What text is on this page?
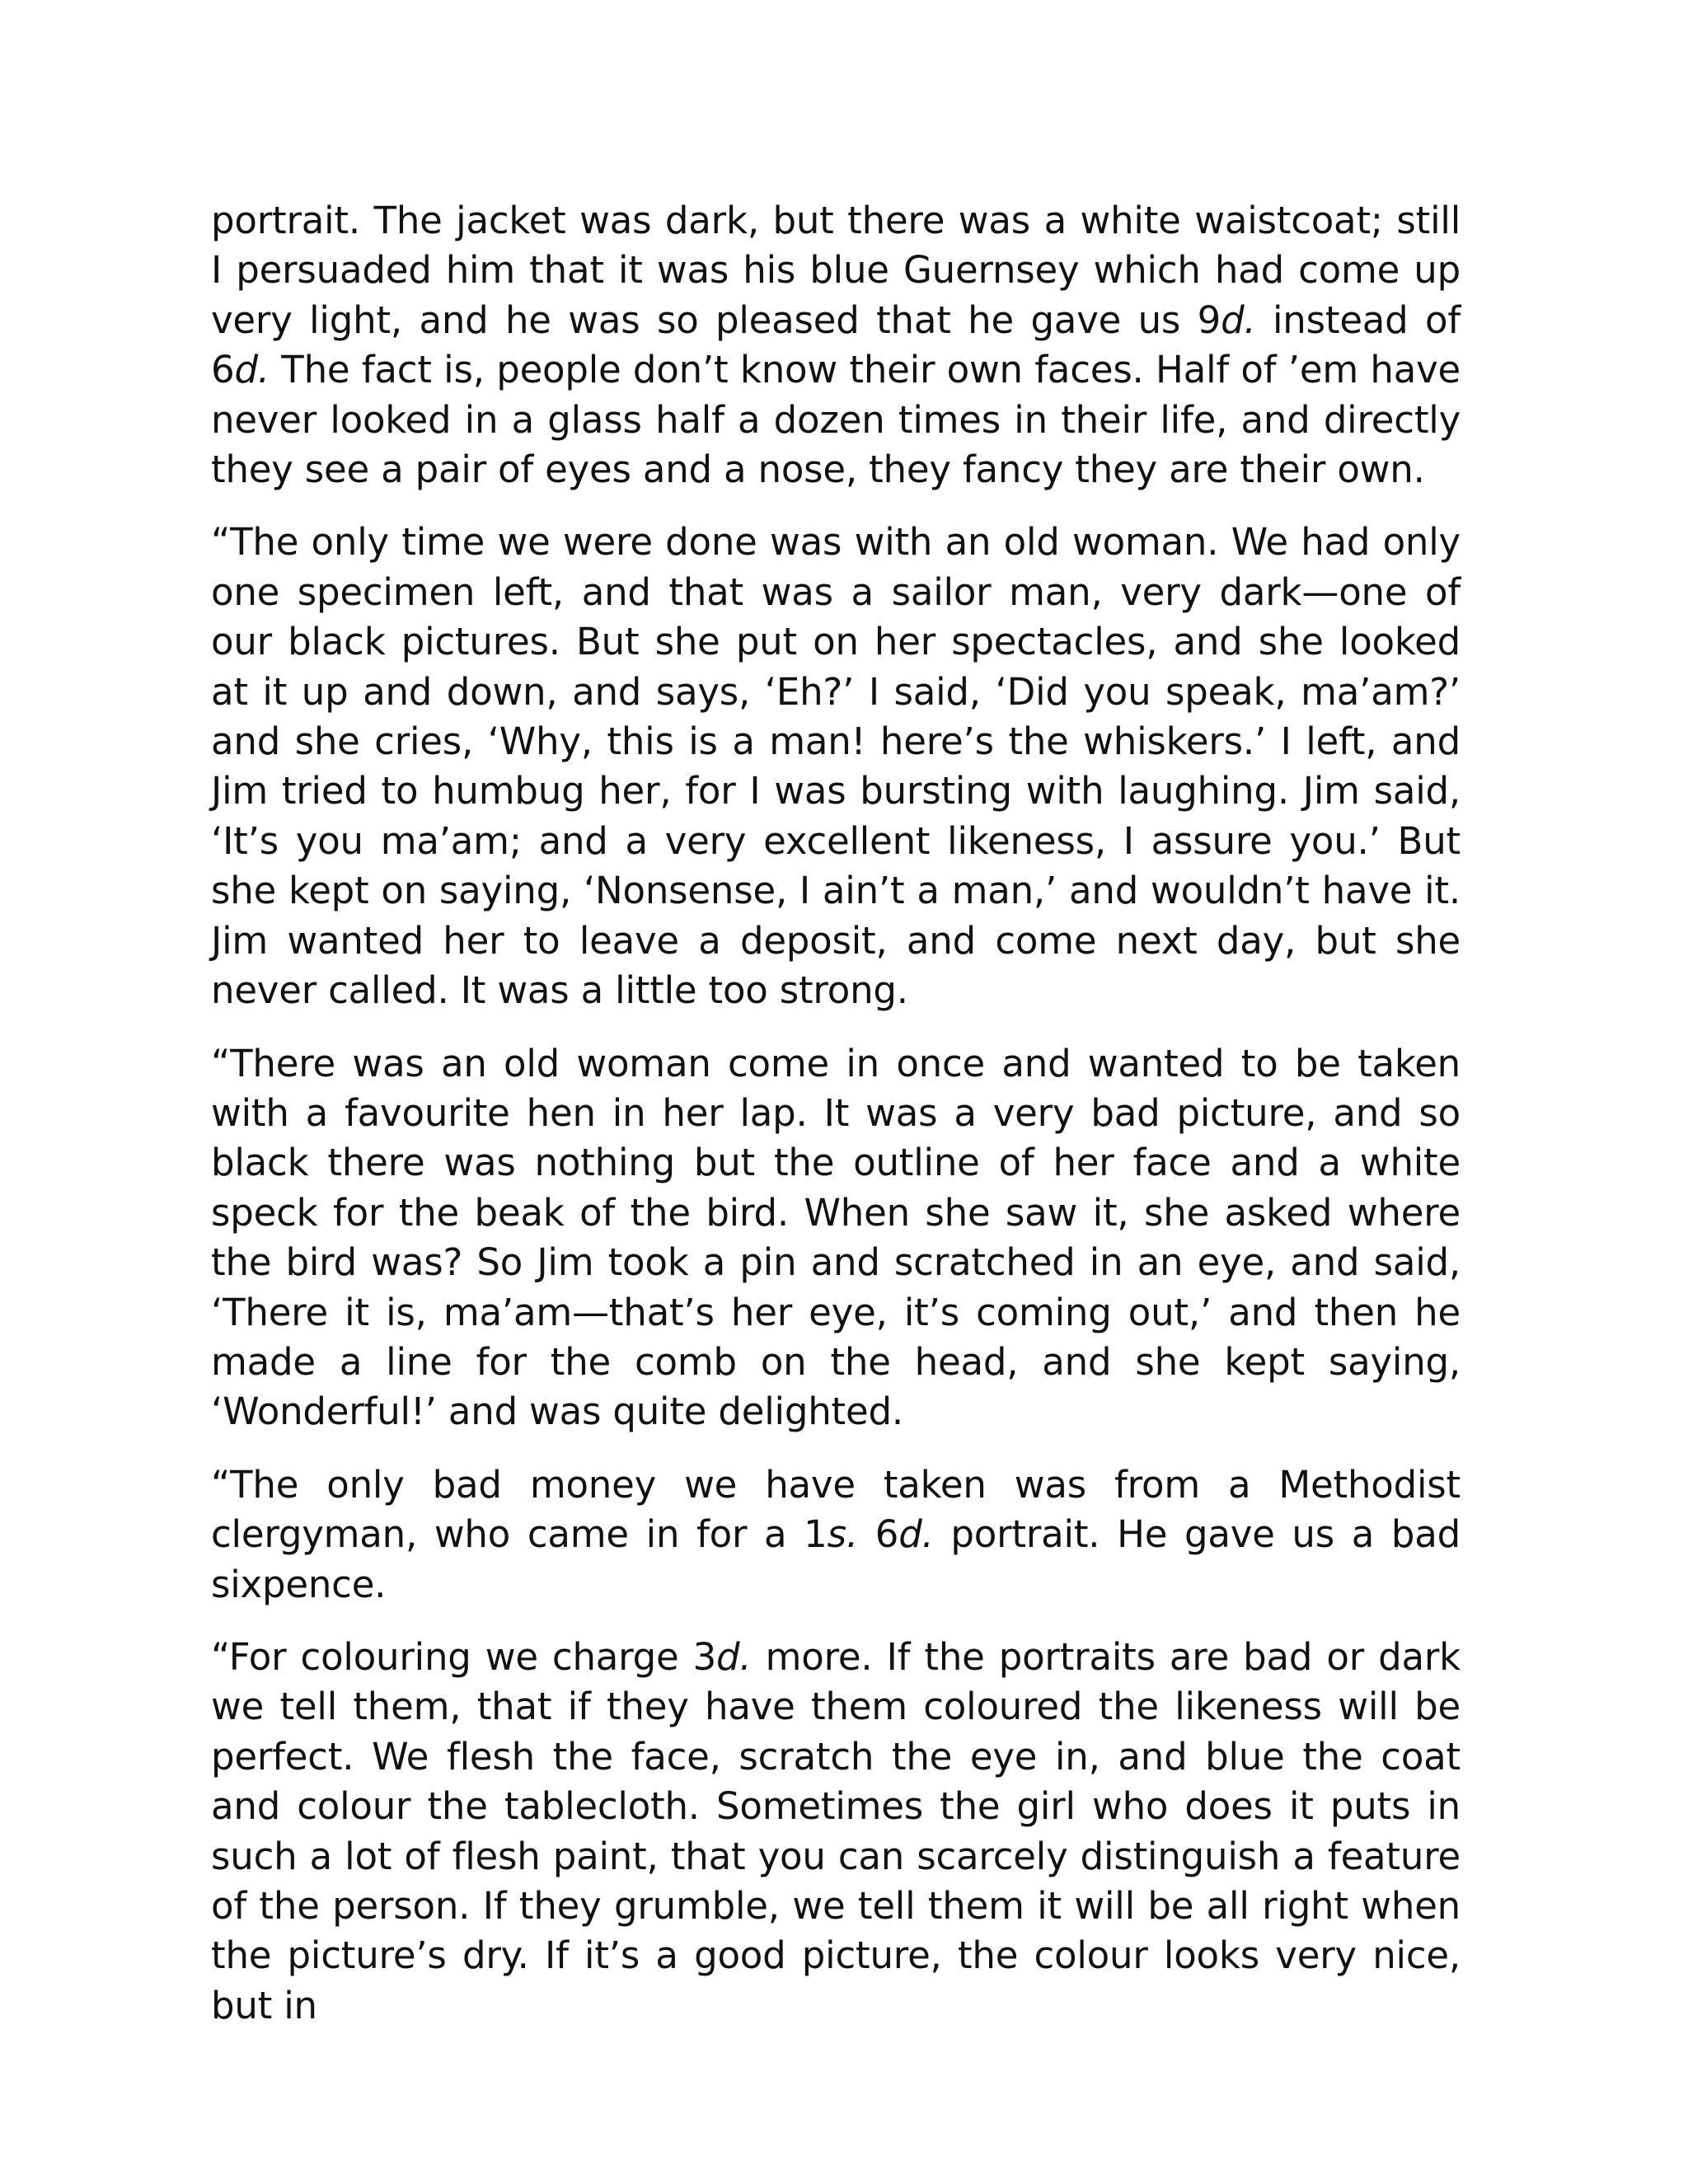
portrait. The jacket was dark, but there was a white waistcoat; still I persuaded him that it was his blue Guernsey which had come up very light, and he was so pleased that he gave us 9d. instead of 6d. The fact is, people don’t know their own faces. Half of ’em have never looked in a glass half a dozen times in their life, and directly they see a pair of eyes and a nose, they fancy they are their own.

“The only time we were done was with an old woman. We had only one specimen left, and that was a sailor man, very dark—one of our black pictures. But she put on her spectacles, and she looked at it up and down, and says, ‘Eh?’ I said, ‘Did you speak, ma’am?’ and she cries, ‘Why, this is a man! here’s the whiskers.’ I left, and Jim tried to humbug her, for I was bursting with laughing. Jim said, ‘It’s you ma’am; and a very excellent likeness, I assure you.’ But she kept on saying, ‘Nonsense, I ain’t a man,’ and wouldn’t have it. Jim wanted her to leave a deposit, and come next day, but she never called. It was a little too strong.

“There was an old woman come in once and wanted to be taken with a favourite hen in her lap. It was a very bad picture, and so black there was nothing but the outline of her face and a white speck for the beak of the bird. When she saw it, she asked where the bird was? So Jim took a pin and scratched in an eye, and said, ‘There it is, ma’am—that’s her eye, it’s coming out,’ and then he made a line for the comb on the head, and she kept saying, ‘Wonderful!’ and was quite delighted.

“The only bad money we have taken was from a Methodist clergyman, who came in for a 1s. 6d. portrait. He gave us a bad sixpence.

“For colouring we charge 3d. more. If the portraits are bad or dark we tell them, that if they have them coloured the likeness will be perfect. We flesh the face, scratch the eye in, and blue the coat and colour the tablecloth. Sometimes the girl who does it puts in such a lot of flesh paint, that you can scarcely distinguish a feature of the person. If they grumble, we tell them it will be all right when the picture’s dry. If it’s a good picture, the colour looks very nice, but in
